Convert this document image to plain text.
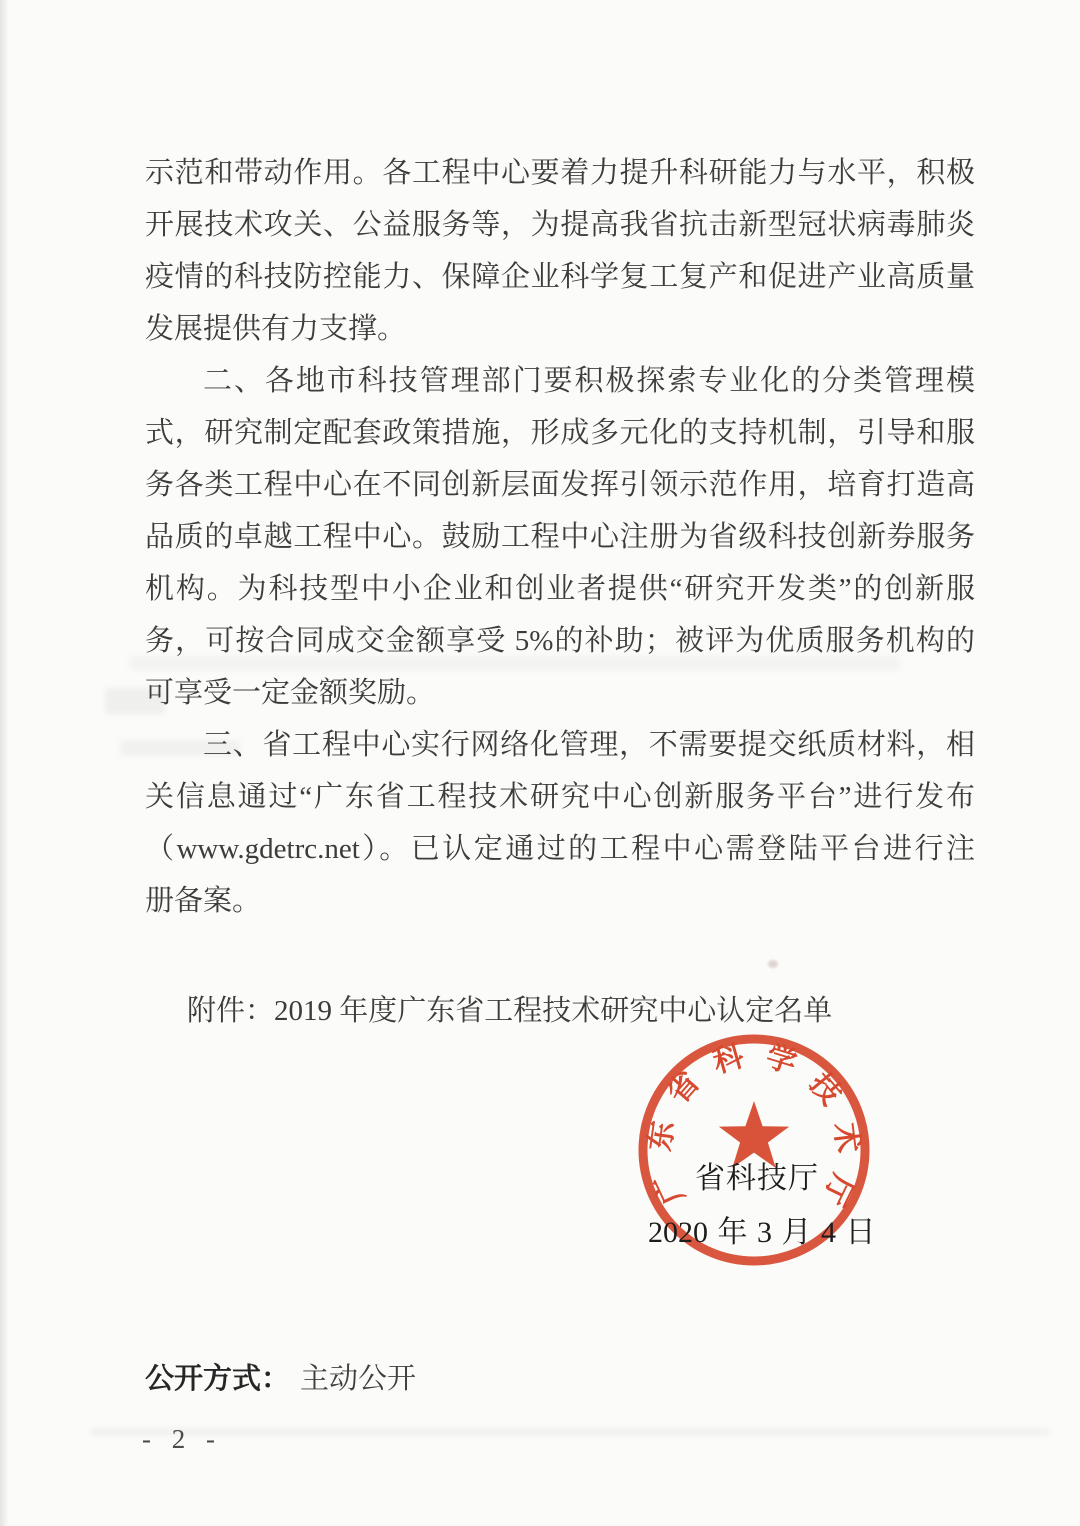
示范和带动作用。各工程中心要着力提升科研能力与水平，积极
开展技术攻关、公益服务等，为提高我省抗击新型冠状病毒肺炎
疫情的科技防控能力、保障企业科学复工复产和促进产业高质量
发展提供有力支撑。
二、各地市科技管理部门要积极探索专业化的分类管理模
式，研究制定配套政策措施，形成多元化的支持机制，引导和服
务各类工程中心在不同创新层面发挥引领示范作用，培育打造高
品质的卓越工程中心。鼓励工程中心注册为省级科技创新券服务
机构。为科技型中小企业和创业者提供“研究开发类”的创新服
务，可按合同成交金额享受 5%的补助；被评为优质服务机构的
可享受一定金额奖励。
三、省工程中心实行网络化管理，不需要提交纸质材料，相
关信息通过“广东省工程技术研究中心创新服务平台”进行发布
（www.gdetrc.net）。已认定通过的工程中心需登陆平台进行注
册备案。
附件：2019 年度广东省工程技术研究中心认定名单
广
东
省
科 学
技
术
厅
省科技厅
2020 年 3 月 4 日
公开方式： 主动公开
- 2 -
